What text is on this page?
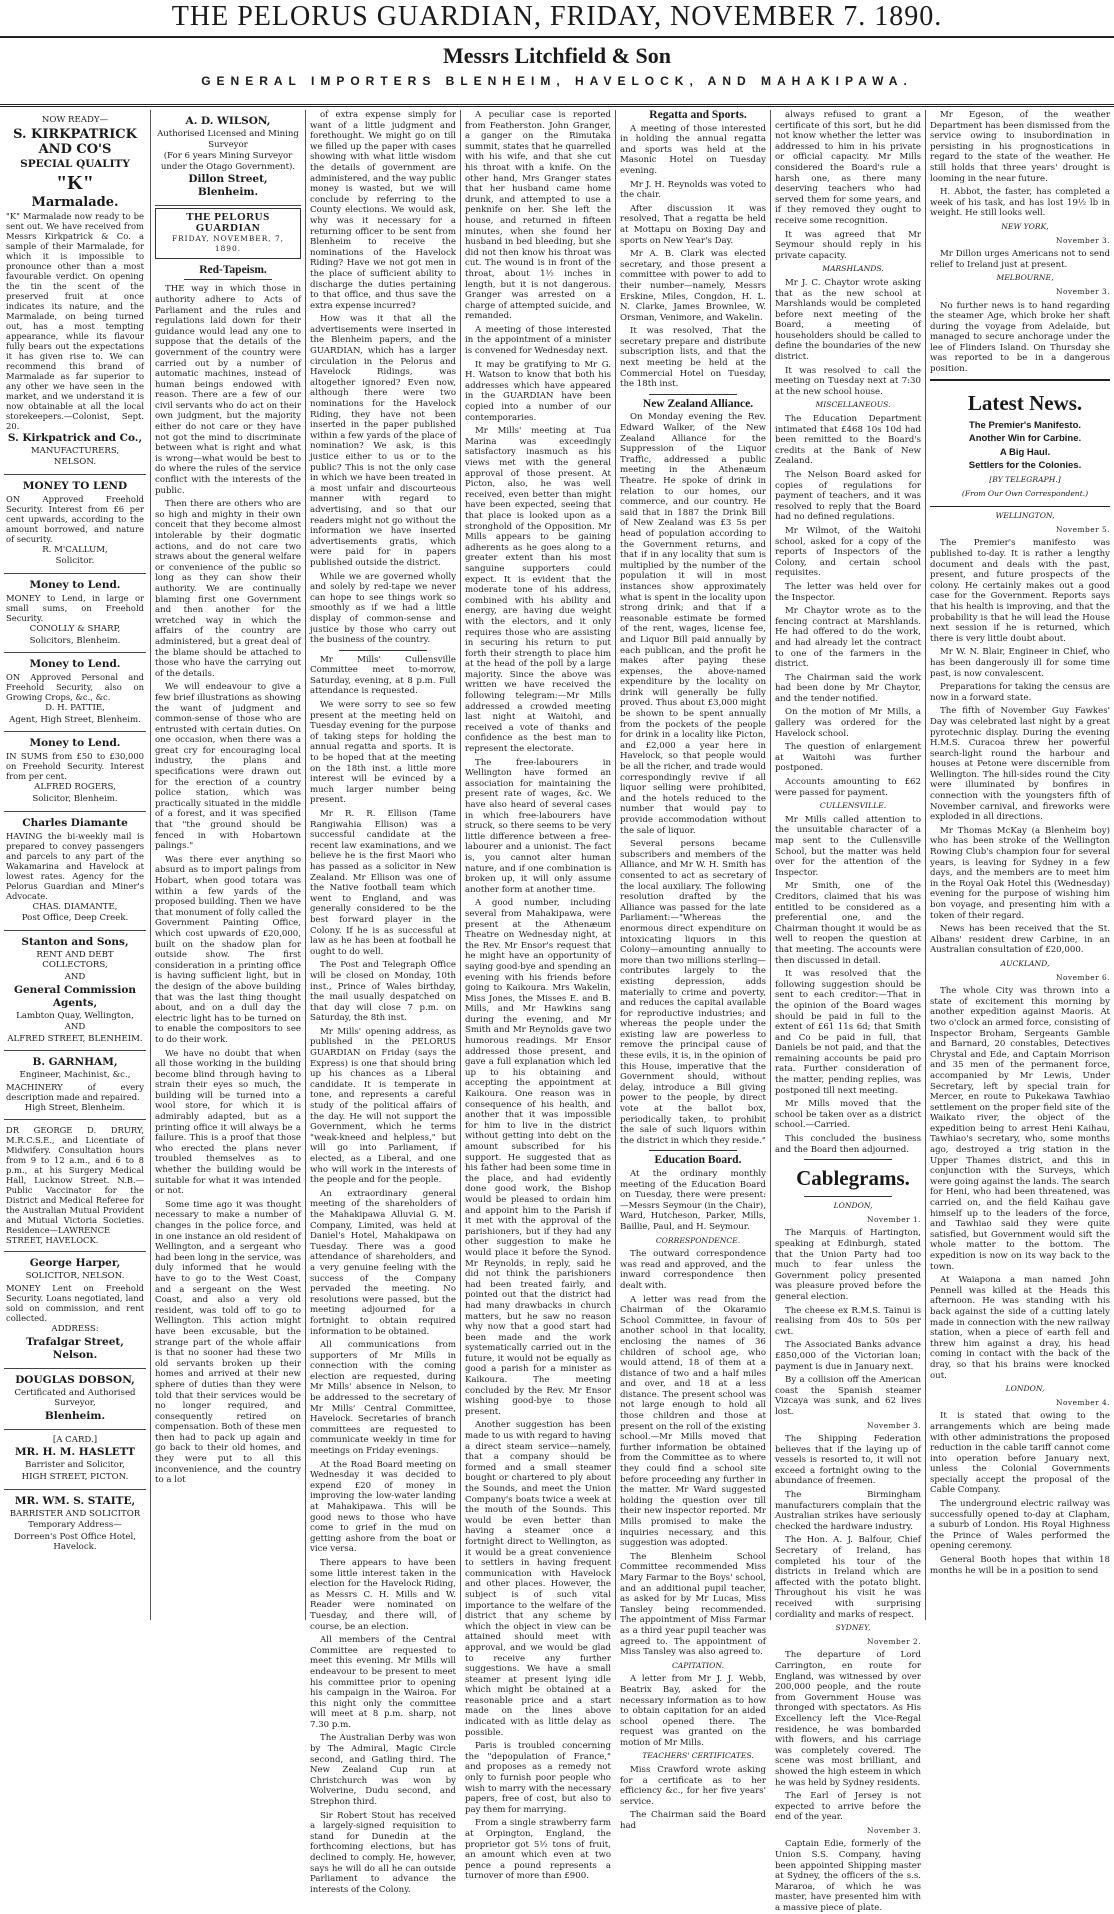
THE PELORUS GUARDIAN, FRIDAY, NOVEMBER 7. 1890.
Messrs Litchfield & Son
GENERAL IMPORTERS BLENHEIM, HAVELOCK, AND MAHAKIPAWA.

NOW READY—

S. KIRKPATRICK AND CO'S

SPECIAL QUALITY

"K"

Marmalade.

"K" Marmalade now ready to be sent out. We have received from Messrs Kirkpatrick & Co. a sample of their Marmalade, for which it is impossible to pronounce other than a most favourable verdict. On opening the tin the scent of the preserved fruit at once indicates its nature, and the Marmalade, on being turned out, has a most tempting appearance, while its flavour fully bears out the expectations it has given rise to. We can recommend this brand of Marmalade as far superior to any other we have seen in the market, and we understand it is now obtainable at all the local storekeepers.—Colonist, Sept. 20.

S. Kirkpatrick and Co.,

MANUFACTURERS,

NELSON.

MONEY TO LEND

ON Approved Freehold Security. Interest from £6 per cent upwards, according to the amount borrowed, and nature of security.

R. M'CALLUM,

Solicitor.

Money to Lend.

MONEY to Lend, in large or small sums, on Freehold Security.

CONOLLY & SHARP,

Solicitors, Blenheim.

Money to Lend.

ON Approved Personal and Freehold Security, also on Growing Crops, &c., &c.

D. H. PATTIE,

Agent, High Street, Blenheim.

Money to Lend.

IN SUMS from £50 to £30,000 on Freehold Security. Interest from per cent.

ALFRED ROGERS,

Solicitor, Blenheim.

Charles Diamante

HAVING the bi-weekly mail is prepared to convey passengers and parcels to any part of the Wakamarina and Havelock at lowest rates. Agency for the Pelorus Guardian and Miner's Advocate.

CHAS. DIAMANTE,

Post Office, Deep Creek.

Stanton and Sons,

RENT AND DEBT COLLECTORS,

AND

General Commission Agents,

Lambton Quay, Wellington,

AND

ALFRED STREET, BLENHEIM.

B. GARNHAM,

Engineer, Machinist, &c.,

MACHINERY of every description made and repaired.

High Street, Blenheim.

DR GEORGE D. DRURY, M.R.C.S.E., and Licentiate of Midwifery. Consultation hours from 9 to 12 a.m., and 6 to 8 p.m., at his Surgery Medical Hall, Lucknow Street. N.B.—Public Vaccinator for the District and Medical Referee for the Australian Mutual Provident and Mutual Victoria Societies. Residence—LAWRENCE STREET, HAVELOCK.

George Harper,

SOLICITOR, NELSON.

MONEY Lent on Freehold Security. Loans negotiated, land sold on commission, and rent collected.

ADDRESS:

Trafalgar Street, Nelson.

DOUGLAS DOBSON,

Certificated and Authorised Surveyor,

Blenheim.

[A CARD.]

MR. H. M. HASLETT

Barrister and Solicitor,

HIGH STREET, PICTON.

MR. WM. S. STAITE,

BARRISTER AND SOLICITOR

Temporary Address—

Dorreen's Post Office Hotel, Havelock.

A. D. WILSON,

Authorised Licensed and Mining Surveyor

(For 6 years Mining Surveyor under the Otago Government).

Dillon Street, Blenheim.

THE PELORUS GUARDIAN
FRIDAY, NOVEMBER, 7, 1890.

Red-Tapeism.

THE way in which those in authority adhere to Acts of Parliament and the rules and regulations laid down for their guidance would lead any one to suppose that the details of the government of the country were carried out by a number of automatic machines, instead of human beings endowed with reason. There are a few of our civil servants who do act on their own judgment, but the majority either do not care or they have not got the mind to discriminate between what is right and what is wrong—what would be best to do where the rules of the service conflict with the interests of the public.

Then there are others who are so high and mighty in their own conceit that they become almost intolerable by their dogmatic actions, and do not care two straws about the general welfare or convenience of the public so long as they can show their authority. We are continually blaming first one Government and then another for the wretched way in which the affairs of the country are administered, but a great deal of the blame should be attached to those who have the carrying out of the details.

We will endeavour to give a few brief illustrations as showing the want of judgment and common-sense of those who are entrusted with certain duties. On one occasion, when there was a great cry for encouraging local industry, the plans and specifications were drawn out for the erection of a country police station, which was practically situated in the middle of a forest, and it was specified that "the ground should be fenced in with Hobartown palings."

Was there ever anything so absurd as to import palings from Hobart, when good totara was within a few yards of the proposed building. Then we have that monument of folly called the Government Painting Office, which cost upwards of £20,000, built on the shadow plan for outside show. The first consideration in a printing office is having sufficient light, but in the design of the above building that was the last thing thought about, and on a dull day the electric light has to be turned on to enable the compositors to see to do their work.

We have no doubt that when all those working in the building become blind through having to strain their eyes so much, the building will be turned into a wool store, for which it is admirably adapted, but as a printing office it will always be a failure. This is a proof that those who erected the plans never troubled themselves as to whether the building would be suitable for what it was intended or not.

Some time ago it was thought necessary to make a number of changes in the police force, and in one instance an old resident of Wellington, and a sergeant who had been long in the service, was duly informed that he would have to go to the West Coast, and a sergeant on the West Coast, and also a very old resident, was told off to go to Wellington. This action might have been excusable, but the strange part of the whole affair is that no sooner had these two old servants broken up their homes and arrived at their new sphere of duties than they were told that their services would be no longer required, and consequently retired on compensation. Both of these men then had to pack up again and go back to their old homes, and they were put to all this inconvenience, and the country to a lot

of extra expense simply for want of a little judgment and forethought. We might go on till we filled up the paper with cases showing with what little wisdom the details of government are administered, and the way public money is wasted, but we will conclude by referring to the County elections. We would ask, why was it necessary for a returning officer to be sent from Blenheim to receive the nominations of the Havelock Riding? Have we not got men in the place of sufficient ability to discharge the duties pertaining to that office, and thus save the extra expense incurred?

How was it that all the advertisements were inserted in the Blenheim papers, and the GUARDIAN, which has a larger circulation in the Pelorus and Havelock Ridings, was altogether ignored? Even now, although there were two nominations for the Havelock Riding, they have not been inserted in the paper published within a few yards of the place of nomination? We ask, is this justice either to us or to the public? This is not the only case in which we have been treated in a most unfair and discourteous manner with regard to advertising, and so that our readers might not go without the information we have inserted advertisements gratis, which were paid for in papers published outside the district.

While we are governed wholly and solely by red-tape we never can hope to see things work so smoothly as if we had a little display of common-sense and justice by those who carry out the business of the country.

Mr Mills' Cullensville Committee meet to-morrow, Saturday, evening, at 8 p.m. Full attendance is requested.

We were sorry to see so few present at the meeting held on Tuesday evening for the purpose of taking steps for holding the annual regatta and sports. It is to be hoped that at the meeting on the 18th inst. a little more interest will be evinced by a much larger number being present.

Mr R. R. Ellison (Tame Rangiwahia Ellison) was a successful candidate at the recent law examinations, and we believe he is the first Maori who has passed as a solicitor in New Zealand. Mr Ellison was one of the Native football team which went to England, and was generally considered to be the best forward player in the Colony. If he is as successful at law as he has been at football he ought to do well.

The Post and Telegraph Office will be closed on Monday, 10th inst., Prince of Wales birthday, the mail usually despatched on that day will close 7 p.m. on Saturday, the 8th inst.

Mr Mills' opening address, as published in the PELORUS GUARDIAN on Friday (says the Express) is one that should bring up his chances as a Liberal candidate. It is temperate in tone, and represents a careful study of the political affairs of the day. He will not support the Government, which he terms "weak-kneed and helpless," but will go into Parliament, if elected, as a Liberal, and one who will work in the interests of the people and for the people.

An extraordinary general meeting of the shareholders of the Mahakipawa Alluvial G. M. Company, Limited, was held at Daniel's Hotel, Mahakipawa on Tuesday. There was a good attendance of shareholders, and a very genuine feeling with the success of the Company pervaded the meeting. No resolutions were passed, but the meeting adjourned for a fortnight to obtain required information to be obtained.

All communications from supporters of Mr Mills in connection with the coming election are requested, during Mr Mills' absence in Nelson, to be addressed to the secretary of Mr Mills' Central Committee, Havelock. Secretaries of branch committees are requested to communicate weekly in time for meetings on Friday evenings.

At the Road Board meeting on Wednesday it was decided to expend £20 of money in improving the low-water landing at Mahakipawa. This will be good news to those who have come to grief in the mud on getting ashore from the boat or vice versa.

There appears to have been some little interest taken in the election for the Havelock Riding, as Messrs C. H. Mills and W. Reader were nominated on Tuesday, and there will, of course, be an election.

All members of the Central Committee are requested to meet this evening. Mr Mills will endeavour to be present to meet his committee prior to opening his campaign in the Wairoa. For this night only the committee will meet at 8 p.m. sharp, not 7.30 p.m.

The Australian Derby was won by The Admiral, Magic Circle second, and Gatling third. The New Zealand Cup run at Christchurch was won by Wolverine, Dudu second, and Strephon third.

Sir Robert Stout has received a largely-signed requisition to stand for Dunedin at the forthcoming elections, but has declined to comply. He, however, says he will do all he can outside Parliament to advance the interests of the Colony.

A peculiar case is reported from Featherston. John Granger, a ganger on the Rimutaka summit, states that he quarrelled with his wife, and that she cut his throat with a knife. On the other hand, Mrs Granger states that her husband came home drunk, and attempted to use a penknife on her. She left the house, and returned in fifteen minutes, when she found her husband in bed bleeding, but she did not then know his throat was cut. The wound is in front of the throat, about 1½ inches in length, but it is not dangerous. Granger was arrested on a charge of attempted suicide, and remanded.

A meeting of those interested in the appointment of a minister is convened for Wednesday next.

It may be gratifying to Mr G. H. Watson to know that both his addresses which have appeared in the GUARDIAN have been copied into a number of our contemporaries.

Mr Mills' meeting at Tua Marina was exceedingly satisfactory inasmuch as his views met with the general approval of those present. At Picton, also, he was well received, even better than might have been expected, seeing that that place is looked upon as a stronghold of the Opposition. Mr Mills appears to be gaining adherents as he goes along to a greater extent than his most sanguine supporters could expect. It is evident that the moderate tone of his address, combined with his ability and energy, are having due weight with the electors, and it only requires those who are assisting in securing his return to put forth their strength to place him at the head of the poll by a large majority. Since the above was written we have received the following telegram:—Mr Mills addressed a crowded meeting last night at Waitohi, and received a vote of thanks and confidence as the best man to represent the electorate.

The free-labourers in Wellington have formed an association for maintaining the present rate of wages, &c. We have also heard of several cases in which free-labourers have struck, so there seems to be very little difference between a free-labourer and a unionist. The fact is, you cannot alter human nature, and if one combination is broken up, it will only assume another form at another time.

A good number, including several from Mahakipawa, were present at the Athenæum Theatre on Wednesday night, at the Rev. Mr Ensor's request that he might have an opportunity of saying good-bye and spending an evening with his friends before going to Kaikoura. Mrs Wakelin, Miss Jones, the Misses E. and B. Mills, and Mr Hawkins sang during the evening, and Mr Smith and Mr Reynolds gave two humorous readings. Mr Ensor addressed those present, and gave a full explanation which led up to his obtaining and accepting the appointment at Kaikoura. One reason was in consequence of his health, and another that it was impossible for him to live in the district without getting into debt on the amount subscribed for his support. He suggested that as his father had been some time in the place, and had evidently done good work, the Bishop would be pleased to ordain him and appoint him to the Parish if it met with the approval of the parishioners, but if they had any other suggestion to make he would place it before the Synod. Mr Reynolds, in reply, said he did not think the parishioners had been treated fairly, and pointed out that the district had had many drawbacks in church matters, but he saw no reason why now that a good start had been made and the work systematically carried out in the future, it would not be equally as good a parish for a minister as Kaikoura. The meeting concluded by the Rev. Mr Ensor wishing good-bye to those present.

Another suggestion has been made to us with regard to having a direct steam service—namely, that a company should be formed and a small steamer bought or chartered to ply about the Sounds, and meet the Union Company's boats twice a week at the mouth of the Sounds. This would be even better than having a steamer once a fortnight direct to Wellington, as it would be a great convenience to settlers in having frequent communication with Havelock and other places. However, the subject is of such vital importance to the welfare of the district that any scheme by which the object in view can be attained should meet with approval, and we would be glad to receive any further suggestions. We have a small steamer at present lying idle which might be obtained at a reasonable price and a start made on the lines above indicated with as little delay as possible.

Paris is troubled concerning the "depopulation of France," and proposes as a remedy not only to furnish poor people who wish to marry with the necessary papers, free of cost, but also to pay them for marrying.

From a single strawberry farm at Orpington, England, the proprietor got 5½ tons of fruit, an amount which even at two pence a pound represents a turnover of more than £900.

Regatta and Sports.

A meeting of those interested in holding the annual regatta and sports was held at the Masonic Hotel on Tuesday evening.

Mr J. H. Reynolds was voted to the chair.

After discussion it was resolved, That a regatta be held at Mottapu on Boxing Day and sports on New Year's Day.

Mr A. B. Clark was elected secretary, and those present a committee with power to add to their number—namely, Messrs Erskine, Miles, Congdon, H. L. N. Clarke, James Brownlee, W. Orsman, Venimore, and Wakelin.

It was resolved, That the secretary prepare and distribute subscription lists, and that the next meeting be held at the Commercial Hotel on Tuesday, the 18th inst.

New Zealand Alliance.

On Monday evening the Rev. Edward Walker, of the New Zealand Alliance for the Suppression of the Liquor Traffic, addressed a public meeting in the Athenæum Theatre. He spoke of drink in relation to our homes, our commerce, and our country. He said that in 1887 the Drink Bill of New Zealand was £3 5s per head of population according to the Government returns, and that if in any locality that sum is multiplied by the number of the population it will in most instances show approximately what is spent in the locality upon strong drink; and that if a reasonable estimate be formed of the rent, wages, license fee, and Liquor Bill paid annually by each publican, and the profit he makes after paying these expenses, the above-named expenditure by the locality on drink will generally be fully proved. Thus about £3,000 might be shown to be spent annually from the pockets of the people for drink in a locality like Picton, and £2,000 a year here in Havelock, so that people would be all the richer, and trade would correspondingly revive if all liquor selling were prohibited, and the hotels reduced to the number that would pay to provide accommodation without the sale of liquor.

Several persons became subscribers and members of the Alliance, and Mr W. H. Smith has consented to act as secretary of the local auxiliary. The following resolution drafted by the Alliance was passed for the late Parliament:—"Whereas the enormous direct expenditure on intoxicating liquors in this Colony—amounting annually to more than two millions sterling—contributes largely to the existing depression, adds materially to crime and poverty, and reduces the capital available for reproductive industries; and whereas the people under the existing law are powerless to remove the principal cause of these evils, it is, in the opinion of this House, imperative that the Government should, without delay, introduce a Bill giving power to the people, by direct vote at the ballot box, periodically taken, to prohibit the sale of such liquors within the district in which they reside."

Education Board.

At the ordinary monthly meeting of the Education Board on Tuesday, there were present:—Messrs Seymour (in the Chair), Ward, Hutcheson, Parker, Mills, Baillie, Paul, and H. Seymour.

CORRESPONDENCE.

The outward correspondence was read and approved, and the inward correspondence then dealt with.

A letter was read from the Chairman of the Okaramio School Committee, in favour of another school in that locality, enclosing the names of 36 children of school age, who would attend, 18 of them at a distance of two and a half miles and over, and 18 at a less distance. The present school was not large enough to hold all those children and those at present on the roll of the existing school.—Mr Mills moved that further information be obtained from the Committee as to where they could find a school site before proceeding any further in the matter. Mr Ward suggested holding the question over till their new inspector reported. Mr Mills promised to make the inquiries necessary, and this suggestion was adopted.

The Blenheim School Committee recommended Miss Mary Farmar to the Boys' school, and an additional pupil teacher, as asked for by Mr Lucas, Miss Tansley being recommended. The appointment of Miss Farmar as a third year pupil teacher was agreed to. The appointment of Miss Tansley was also agreed to.

CAPITATION.

A letter from Mr J. J. Webb, Beatrix Bay, asked for the necessary information as to how to obtain capitation for an aided school opened there. The request was granted on the motion of Mr Mills.

TEACHERS' CERTIFICATES.

Miss Crawford wrote asking for a certificate as to her efficiency &c., for her five years' service.

The Chairman said the Board had

always refused to grant a certificate of this sort, but he did not know whether the letter was addressed to him in his private or official capacity. Mr Mills considered the Board's rule a harsh one, as there many deserving teachers who had served them for some years, and if they removed they ought to receive some recognition.

It was agreed that Mr Seymour should reply in his private capacity.

MARSHLANDS.

Mr J. C. Chaytor wrote asking that as the new school at Marshlands would be completed before next meeting of the Board, a meeting of householders should be called to define the boundaries of the new district.

It was resolved to call the meeting on Tuesday next at 7:30 at the new school house.

MISCELLANEOUS.

The Education Department intimated that £468 10s 10d had been remitted to the Board's credits at the Bank of New Zealand.

The Nelson Board asked for copies of regulations for payment of teachers, and it was resolved to reply that the Board had no defined regulations.

Mr Wilmot, of the Waitohi school, asked for a copy of the reports of Inspectors of the Colony, and certain school requisites.

The letter was held over for the Inspector.

Mr Chaytor wrote as to the fencing contract at Marshlands. He had offered to do the work, and had already let the contract to one of the farmers in the district.

The Chairman said the work had been done by Mr Chaytor, and the tender notified.

On the motion of Mr Mills, a gallery was ordered for the Havelock school.

The question of enlargement at Waitohi was further postponed.

Accounts amounting to £62 were passed for payment.

CULLENSVILLE.

Mr Mills called attention to the unsuitable character of a map sent to the Cullensville School, but the matter was held over for the attention of the Inspector.

Mr Smith, one of the Creditors, claimed that his was entitled to be considered as a preferential one, and the Chairman thought it would be as well to reopen the question at that meeting. The accounts were then discussed in detail.

It was resolved that the following suggestion should be sent to each creditor:—That in the opinion of the Board wages should be paid in full to the extent of £61 11s 6d; that Smith and Co be paid in full, that Daniels be not paid, and that the remaining accounts be paid pro rata. Further consideration of the matter, pending replies, was postponed till next meeting.

Mr Mills moved that the school be taken over as a district school.—Carried.

This concluded the business and the Board then adjourned.

Cablegrams.

LONDON,

November 1.

The Marquis of Hartington, speaking at Edinburgh, stated that the Union Party had too much to fear unless the Government policy presented was pleasure proved before the general election.

The cheese ex R.M.S. Tainui is realising from 40s to 50s per cwt.

The Associated Banks advance £850,000 of the Victorian loan; payment is due in January next.

By a collision off the American coast the Spanish steamer Vizcaya was sunk, and 62 lives lost.

November 3.

The Shipping Federation believes that if the laying up of vessels is resorted to, it will not exceed a fortnight owing to the abundance of freemen.

The Birmingham manufacturers complain that the Australian strikes have seriously checked the hardware industry.

The Hon. A. J. Balfour, Chief Secretary of Ireland, has completed his tour of the districts in Ireland which are affected with the potato blight. Throughout his visit he was received with surprising cordiality and marks of respect.

SYDNEY,

November 2.

The departure of Lord Carrington, en route for England, was witnessed by over 200,000 people, and the route from Government House was thronged with spectators. As His Excellency left the Vice-Regal residence, he was bombarded with flowers, and his carriage was completely covered. The scene was most brilliant, and showed the high esteem in which he was held by Sydney residents.

The Earl of Jersey is not expected to arrive before the end of the year.

November 3.

Captain Edie, formerly of the Union S.S. Company, having been appointed Shipping master at Sydney, the officers of the s.s. Mararoa, of which he was master, have presented him with a massive piece of plate.

Mr Egeson, of the weather Department has been dismissed from the service owing to insubordination in persisting in his prognostications in regard to the state of the weather. He still holds that three years' drought is looming in the near future.

H. Abbot, the faster, has completed a week of his task, and has lost 19½ lb in weight. He still looks well.

NEW YORK,

November 3.

Mr Dillon urges Americans not to send relief to Ireland just at present.

MELBOURNE,

November 3.

No further news is to hand regarding the steamer Age, which broke her shaft during the voyage from Adelaide, but managed to secure anchorage under the lee of Flinders Island. On Thursday she was reported to be in a dangerous position.

Latest News.

The Premier's Manifesto.

Another Win for Carbine.

A Big Haul.

Settlers for the Colonies.

[BY TELEGRAPH.]

(From Our Own Correspondent.)

WELLINGTON,

November 5.

The Premier's manifesto was published to-day. It is rather a lengthy document and deals with the past, present, and future prospects of the colony. He certainly makes out a good case for the Government. Reports says that his health is improving, and that the probability is that he will lead the House next session if he is returned, which there is very little doubt about.

Mr W. N. Blair, Engineer in Chief, who has been dangerously ill for some time past, is now convalescent.

Preparations for taking the census are now in a forward state.

The fifth of November Guy Fawkes' Day was celebrated last night by a great pyrotechnic display. During the evening H.M.S. Curacoa threw her powerful search-light round the harbour and houses at Petone were discernible from Wellington. The hill-sides round the City were illuminated by bonfires in connection with the youngsters fifth of November carnival, and fireworks were exploded in all directions.

Mr Thomas McKay (a Blenheim boy) who has been stroke of the Wellington Rowing Club's champion four for several years, is leaving for Sydney in a few days, and the members are to meet him in the Royal Oak Hotel this (Wednesday) evening for the purpose of wishing him bon voyage, and presenting him with a token of their regard.

News has been received that the St. Albans' resident drew Carbine, in an Australian consultation of £20,000.

AUCKLAND,

November 6.

The whole City was thrown into a state of excitement this morning by another expedition against Maoris. At two o'clock an armed force, consisting of Inspector Broham, Sergeants Gamble and Barnard, 20 constables, Detectives Chrystal and Ede, and Captain Morrison and 35 men of the permanent force, accompanied by Mr Lewis, Under Secretary, left by special train for Mercer, en route to Pukekawa Tawhiao settlement on the proper field site of the Waikato river, the object of the expedition being to arrest Heni Kaihau, Tawhiao's secretary, who, some months ago, destroyed a trig station in the Upper Thames district, and this in conjunction with the Surveys, which were going against the lands. The search for Heni, who had been threatened, was carried on, and the field Kaihau gave himself up to the leaders of the force, and Tawhiao said they were quite satisfied, but Government would sift the whole matter to the bottom. The expedition is now on its way back to the town.

At Waiapona a man named John Pennell was killed at the Heads this afternoon. He was standing with his back against the side of a cutting lately made in connection with the new railway station, when a piece of earth fell and threw him against a dray, his head coming in contact with the back of the dray, so that his brains were knocked out.

LONDON,

November 4.

It is stated that owing to the arrangements which are being made with other administrations the proposed reduction in the cable tariff cannot come into operation before January next, unless the Colonial Governments specially accept the proposal of the Cable Company.

The underground electric railway was successfully opened to-day at Clapham, a suburb of London. His Royal Highness the Prince of Wales performed the opening ceremony.

General Booth hopes that within 18 months he will be in a position to send
